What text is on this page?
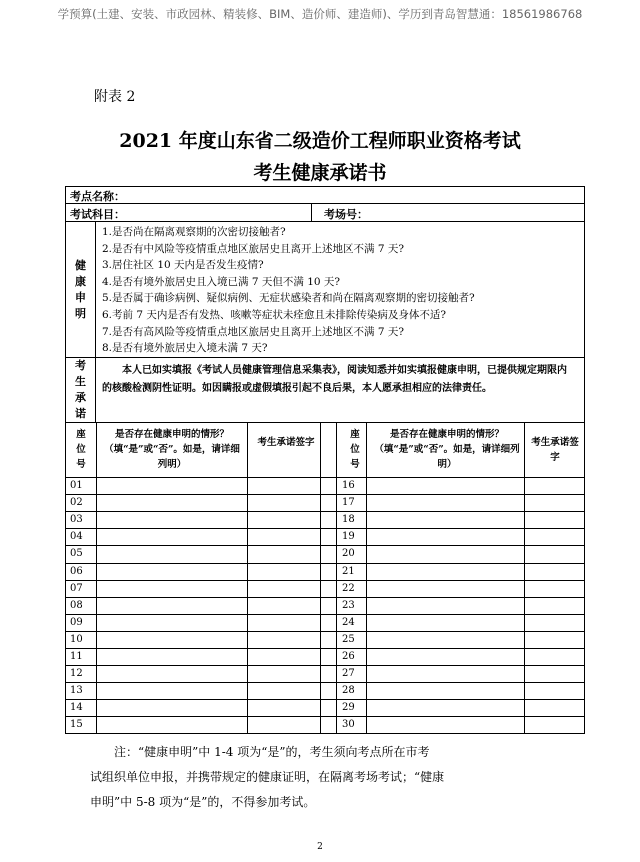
学预算(土建、安装、市政园林、精装修、BIM、造价师、建造师)、学历到青岛智慧通：18561986768
附表 2
2021 年度山东省二级造价工程师职业资格考试
考生健康承诺书
考点名称：
考试科目：	考场号：
健
康
申
明
1.是否尚在隔离观察期的次密切接触者?
2.是否有中风险等疫情重点地区旅居史且离开上述地区不满 7 天?
3.居住社区 10 天内是否发生疫情?
4.是否有境外旅居史且入境已满 7 天但不满 10 天?
5.是否属于确诊病例、疑似病例、无症状感染者和尚在隔离观察期的密切接触者?
6.考前 7 天内是否有发热、咳嗽等症状未痊愈且未排除传染病及身体不适?
7.是否有高风险等疫情重点地区旅居史且离开上述地区不满 7 天?
8.是否有境外旅居史入境未满 7 天?
考
生
承
诺
本人已如实填报《考试人员健康管理信息采集表》，阅读知悉并如实填报健康申明，已提供规定期限内的核酸检测阴性证明。如因瞒报或虚假填报引起不良后果，本人愿承担相应的法律责任。
座
位
号
是否存在健康申明的情形？（填“是”或“否”。如是，请详细列明）
考生承诺签字
座
位
号
是否存在健康申明的情形？（填“是”或“否”。如是，请详细列明）
考生承诺签字
01
02
03
04
05
06
07
08
09
10
11
12
13
14
15
16
17
18
19
20
21
22
23
24
25
26
27
28
29
30
注：“健康申明”中 1-4 项为“是”的，考生须向考点所在市考
试组织单位申报，并携带规定的健康证明，在隔离考场考试；“健康
申明”中 5-8 项为“是”的，不得参加考试。
2
